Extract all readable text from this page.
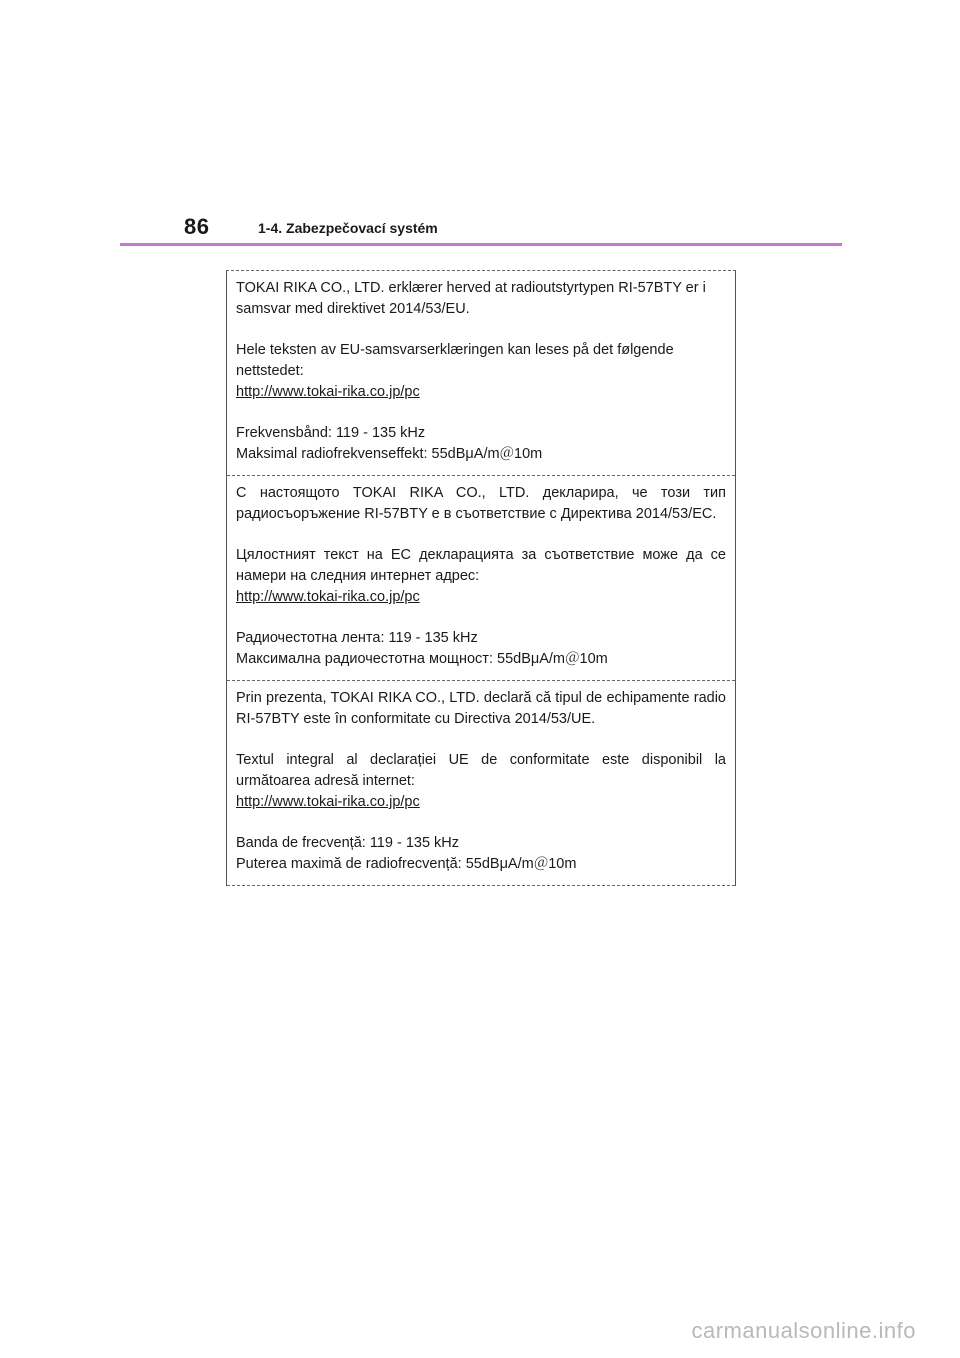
86	1-4. Zabezpečovací systém

TOKAI RIKA CO., LTD. erklærer herved at radioutstyrtypen RI-57BTY er i samsvar med direktivet 2014/53/EU.

Hele teksten av EU-samsvarserklæringen kan leses på det følgende nettstedet:

http://www.tokai-rika.co.jp/pc

Frekvensbånd: 119 - 135 kHz

Maksimal radiofrekvenseffekt: 55dBμA/m＠10m

С настоящото TOKAI RIKA CO., LTD. декларира, че този тип радиосъоръжение RI-57BTY е в съответствие с Директива 2014/53/ЕС.

Цялостният текст на ЕС декларацията за съответствие може да се намери на следния интернет адрес:

http://www.tokai-rika.co.jp/pc

Радиочестотна лента: 119 - 135 kHz

Максимална радиочестотна мощност: 55dBμA/m＠10m

Prin prezenta, TOKAI RIKA CO., LTD. declară că tipul de echipamente radio RI-57BTY este în conformitate cu Directiva 2014/53/UE.

Textul integral al declarației UE de conformitate este disponibil la următoarea adresă internet:

http://www.tokai-rika.co.jp/pc

Banda de frecvență: 119 - 135 kHz

Puterea maximă de radiofrecvență: 55dBμA/m＠10m

carmanualsonline.info
